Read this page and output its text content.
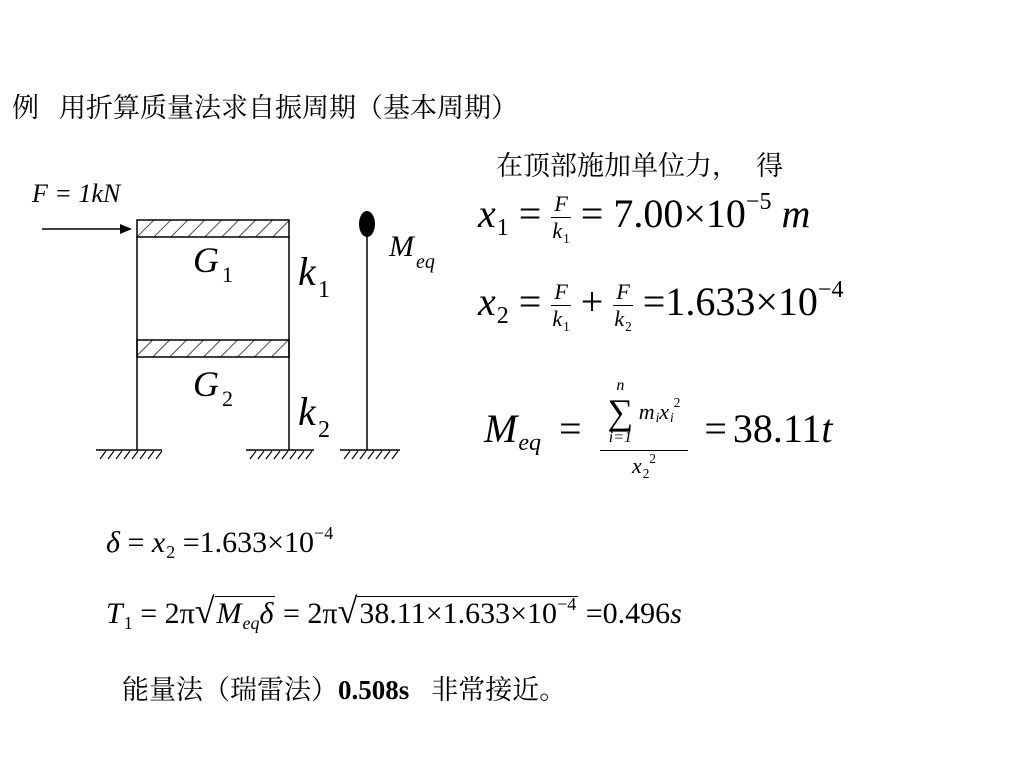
例 用折算质量法求自振周期（基本周期）
F = 1kN
G 1
G 2
k 1
k 2
M eq
在顶部施加单位力，  得
$x_1 = \frac{F}{k_1} = 7.00\times 10^{-5}$ m
$x_2 = \frac{F}{k_1} + \frac{F}{k_2} =1.633\times 10^{-4}$
$M_{eq} = n$
∑
i=1
$m_ix_i^2$
$x_2^2 = 38.11t$
$\delta = x_2 =1.633\times 10^{-4}$
$T_1 = 2\pi√M_{eq}\delta = 2\pi√38.11\times 1.633\times 10^{-4} =0.496s$
能量法（瑞雷法）0.508s 非常接近。
